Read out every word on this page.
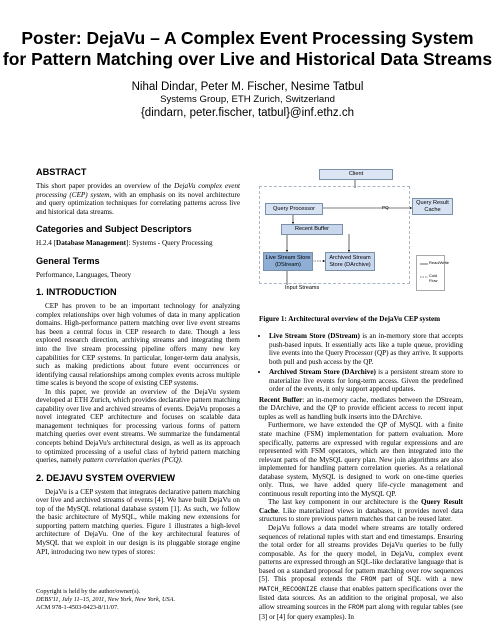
Poster: DejaVu – A Complex Event Processing System
for Pattern Matching over Live and Historical Data Streams
Nihal Dindar, Peter M. Fischer, Nesime Tatbul
Systems Group, ETH Zurich, Switzerland
{dindarn, peter.fischer, tatbul}@inf.ethz.ch
ABSTRACT

This short paper provides an overview of the DejaVu complex event processing (CEP) system, with an emphasis on its novel architecture and query optimization techniques for correlating patterns across live and historical data streams.

Categories and Subject Descriptors

H.2.4 [Database Management]: Systems - Query Processing

General Terms

Performance, Languages, Theory

1. INTRODUCTION

CEP has proven to be an important technology for analyzing complex relationships over high volumes of data in many application domains. High-performance pattern matching over live event streams has been a central focus in CEP research to date. Though a less explored research direction, archiving streams and integrating them into the live stream processing pipeline offers many new key capabilities for CEP systems. In particular, longer-term data analysis, such as making predictions about future event occurrences or identifying causal relationships among complex events across multiple time scales is beyond the scope of existing CEP systems.

In this paper, we provide an overview of the DejaVu system developed at ETH Zurich, which provides declarative pattern matching capability over live and archived streams of events. DejaVu proposes a novel integrated CEP architecture and focuses on scalable data management techniques for processing various forms of pattern matching queries over event streams. We summarize the fundamental concepts behind DejaVu's architectural design, as well as its approach to optimized processing of a useful class of hybrid pattern matching queries, namely pattern correlation queries (PCQ).

2. DEJAVU SYSTEM OVERVIEW

DejaVu is a CEP system that integrates declarative pattern matching over live and archived streams of events [4]. We have built DejaVu on top of the MySQL relational database system [1]. As such, we follow the basic architecture of MySQL, while making new extensions for supporting pattern matching queries. Figure 1 illustrates a high-level architecture of DejaVu. One of the key architectural features of MySQL that we exploit in our design is its pluggable storage engine API, introducing two new types of stores:

Copyright is held by the author/owner(s).
DEBS'11, July 11–15, 2011, New York, New York, USA.
ACM 978-1-4503-0423-8/11/07.
Client
Query Processor	PQ
Query Result Cache
Recent Buffer
Live Stream Store (DStream)
Archived Stream Store (DArchive)	Read/Write
Cold Flow
Input Streams
Figure 1: Architectural overview of the DejaVu CEP system
• Live Stream Store (DStream) is an in-memory store that accepts push-based inputs. It essentially acts like a tuple queue, providing live events into the Query Processor (QP) as they arrive. It supports both pull and push access by the QP.
• Archived Stream Store (DArchive) is a persistent stream store to materialize live events for long-term access. Given the predefined order of the events, it only support append updates.

Recent Buffer: an in-memory cache, mediates between the DStream, the DArchive, and the QP to provide efficient access to recent input tuples as well as handling bulk inserts into the DArchive.

Furthermore, we have extended the QP of MySQL with a finite state machine (FSM) implementation for pattern evaluation. More specifically, patterns are expressed with regular expressions and are represented with FSM operators, which are then integrated into the relevant parts of the MySQL query plan. New join algorithms are also implemented for handling pattern correlation queries. As a relational database system, MySQL is designed to work on one-time queries only. Thus, we have added query life-cycle management and continuous result reporting into the MySQL QP.

The last key component in our architecture is the Query Result Cache. Like materialized views in databases, it provides novel data structures to store previous pattern matches that can be reused later.

DejaVu follows a data model where streams are totally ordered sequences of relational tuples with start and end timestamps. Ensuring the total order for all streams provides DejaVu queries to be fully composable. As for the query model, in DejaVu, complex event patterns are expressed through an SQL-like declarative language that is based on a standard proposal for pattern matching over row sequences [5]. This proposal extends the FROM part of SQL with a new MATCH_RECOGNIZE clause that enables pattern specifications over the listed data sources. As an addition to the original proposal, we also allow streaming sources in the FROM part along with regular tables (see [3] or [4] for query examples). In
